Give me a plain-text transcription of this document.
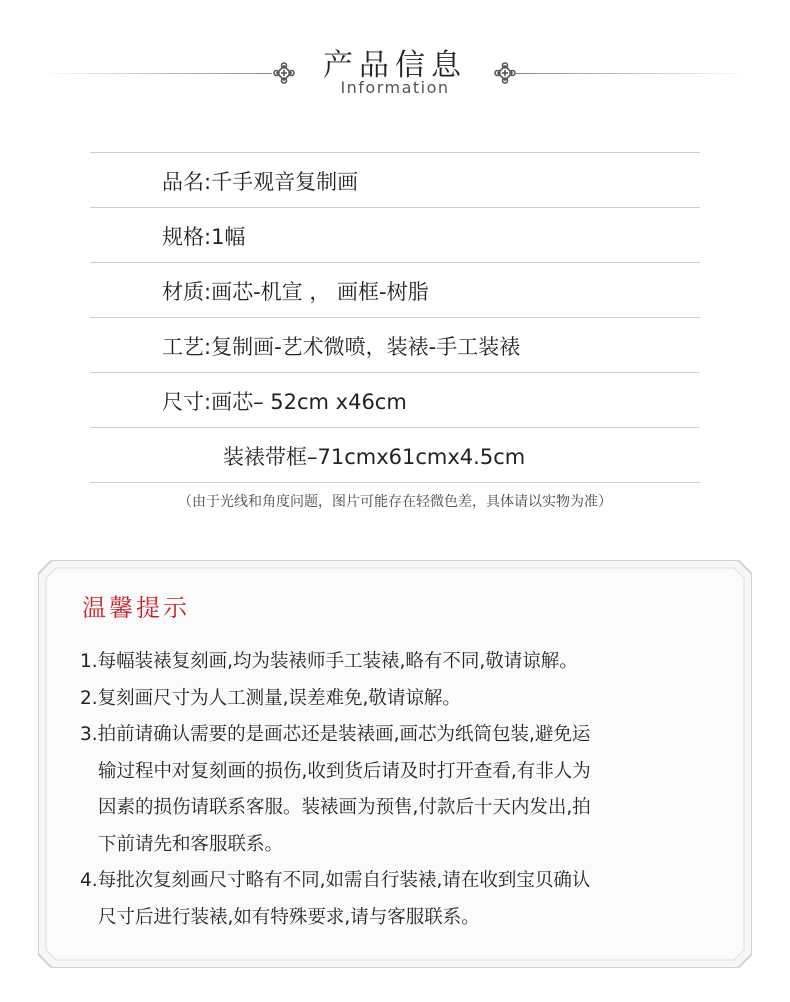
产品信息
Information
品名:千手观音复制画
规格:1幅
材质:画芯-机宣 ， 画框-树脂
工艺:复制画-艺术微喷，装裱-手工装裱
尺寸:画芯– 52cm x46cm
装裱带框–71cmx61cmx4.5cm
（由于光线和角度问题，图片可能存在轻微色差，具体请以实物为准）
温馨提示
1.每幅装裱复刻画,均为装裱师手工装裱,略有不同,敬请谅解。
2.复刻画尺寸为人工测量,误差难免,敬请谅解。
3.拍前请确认需要的是画芯还是装裱画,画芯为纸筒包装,避免运
输过程中对复刻画的损伤,收到货后请及时打开查看,有非人为
因素的损伤请联系客服。装裱画为预售,付款后十天内发出,拍
下前请先和客服联系。
4.每批次复刻画尺寸略有不同,如需自行装裱,请在收到宝贝确认
尺寸后进行装裱,如有特殊要求,请与客服联系。
